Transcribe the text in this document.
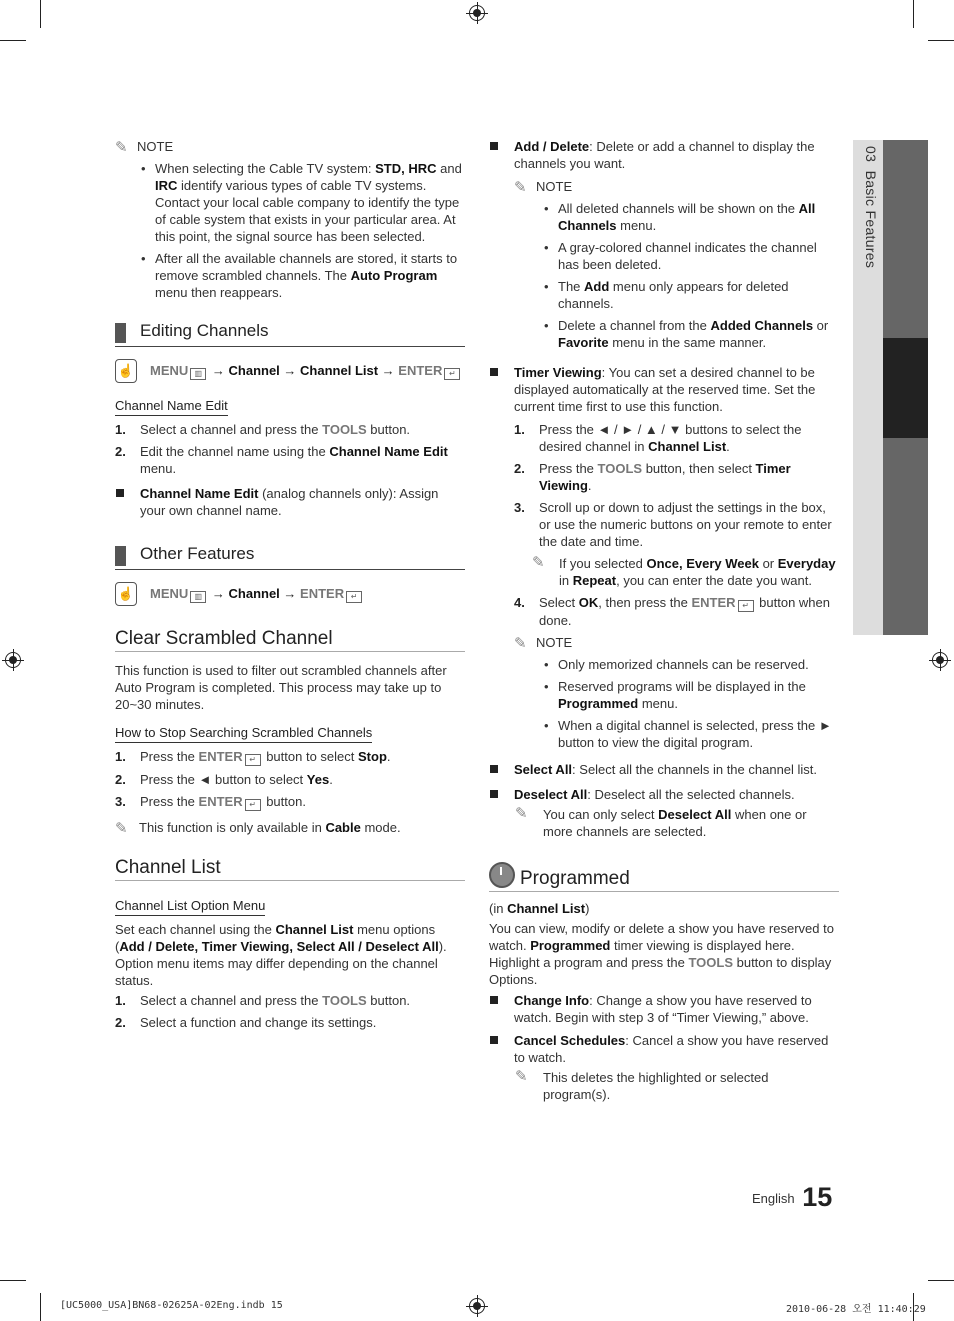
03  Basic Features
✎ NOTE
• When selecting the Cable TV system: STD, HRC and IRC identify various types of cable TV systems. Contact your local cable company to identify the type of cable system that exists in your particular area. At this point, the signal source has been selected.
• After all the available channels are stored, it starts to remove scrambled channels. The Auto Program menu then reappears.
Editing Channels
☝ MENU ▥ → Channel → Channel List → ENTER ↵
Channel Name Edit
1. Select a channel and press the TOOLS button.
2. Edit the channel name using the Channel Name Edit menu.
Channel Name Edit (analog channels only): Assign your own channel name.
Other Features
☝ MENU ▥ → Channel → ENTER ↵
Clear Scrambled Channel
This function is used to filter out scrambled channels after Auto Program is completed. This process may take up to 20~30 minutes.
How to Stop Searching Scrambled Channels
1. Press the ENTER ↵ button to select Stop.
2. Press the ◄ button to select Yes.
3. Press the ENTER ↵ button.
✎ This function is only available in Cable mode.
Channel List
Channel List Option Menu
Set each channel using the Channel List menu options (Add / Delete, Timer Viewing, Select All / Deselect All). Option menu items may differ depending on the channel status.
1. Select a channel and press the TOOLS button.
2. Select a function and change its settings.
Add / Delete: Delete or add a channel to display the channels you want.
✎ NOTE
• All deleted channels will be shown on the All Channels menu.
• A gray-colored channel indicates the channel has been deleted.
• The Add menu only appears for deleted channels.
• Delete a channel from the Added Channels or Favorite menu in the same manner.
Timer Viewing: You can set a desired channel to be displayed automatically at the reserved time. Set the current time first to use this function.
1. Press the ◄ / ► / ▲ / ▼ buttons to select the desired channel in Channel List.
2. Press the TOOLS button, then select Timer Viewing.
3. Scroll up or down to adjust the settings in the box, or use the numeric buttons on your remote to enter the date and time.
✎	If you selected Once, Every Week or Everyday in Repeat, you can enter the date you want.
4. Select OK, then press the ENTER ↵ button when done.
✎ NOTE
• Only memorized channels can be reserved.
• Reserved programs will be displayed in the Programmed menu.
• When a digital channel is selected, press the ► button to view the digital program.
Select All: Select all the channels in the channel list.
Deselect All: Deselect all the selected channels.
✎	You can only select Deselect All when one or more channels are selected.
Programmed
(in Channel List)
You can view, modify or delete a show you have reserved to watch. Programmed timer viewing is displayed here. Highlight a program and press the TOOLS button to display Options.
Change Info: Change a show you have reserved to watch. Begin with step 3 of “Timer Viewing,” above.
Cancel Schedules: Cancel a show you have reserved to watch.
✎	This deletes the highlighted or selected program(s).
English 15
[UC5000_USA]BN68-02625A-02Eng.indb 15	2010-06-28 오전 11:40:29
